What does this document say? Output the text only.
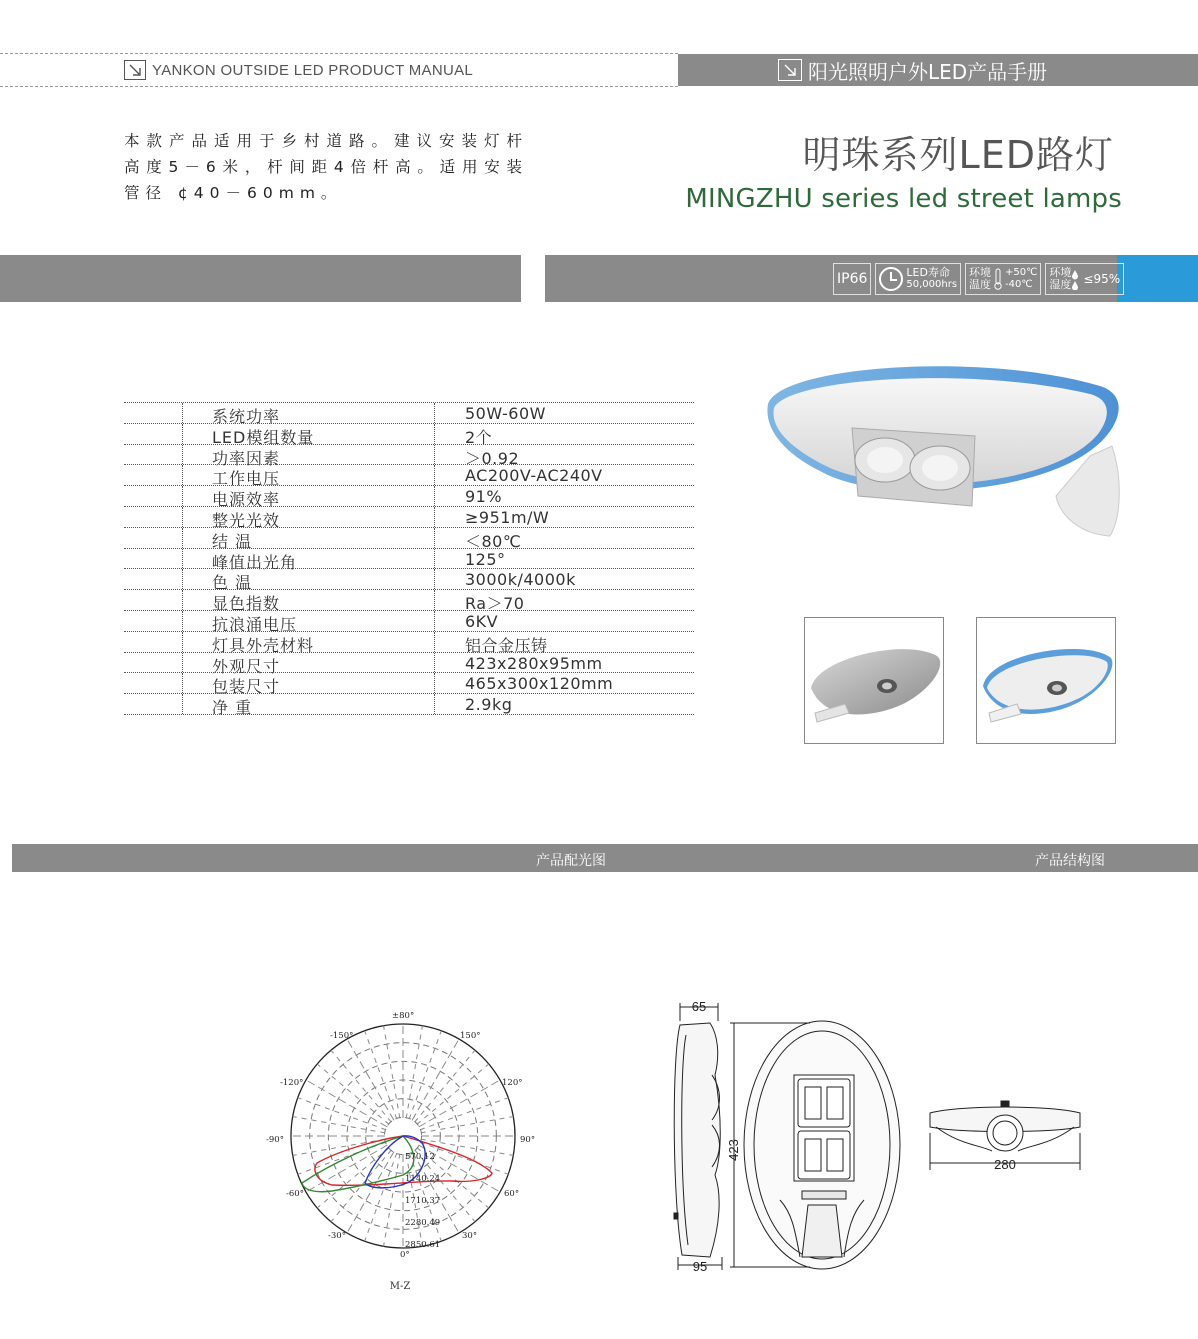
YANKON OUTSIDE LED PRODUCT MANUAL	阳光照明户外LED产品手册

本款产品适用于乡村道路。建议安装灯杆高度5－6米，杆间距4倍杆高。适用安装管径 ¢40－60mm。

明珠系列LED路灯
MINGZHU series led street lamps
IP66	LED寿命
50,000hrs
环境
温度
+50℃
-40℃
环境
湿度 ≤95%
系统功率	50W-60W
LED模组数量	2个
功率因素	＞0.92
工作电压	AC200V-AC240V
电源效率	91%
整光光效	≥951m/W
结 温	＜80℃
峰值出光角	125°
色 温	3000k/4000k
显色指数	Ra＞70
抗浪涌电压	6KV
灯具外壳材料	铝合金压铸
外观尺寸	423x280x95mm
包装尺寸	465x300x120mm
净 重	2.9kg
产品配光图	产品结构图
±80°
-150°	150°
-120°	120°
-90°	90°
-60°	60°
-30°	30°
0°
570.12
1140.24
1710.37
2280.49
2850.61
M-Z
65
423
95
280
